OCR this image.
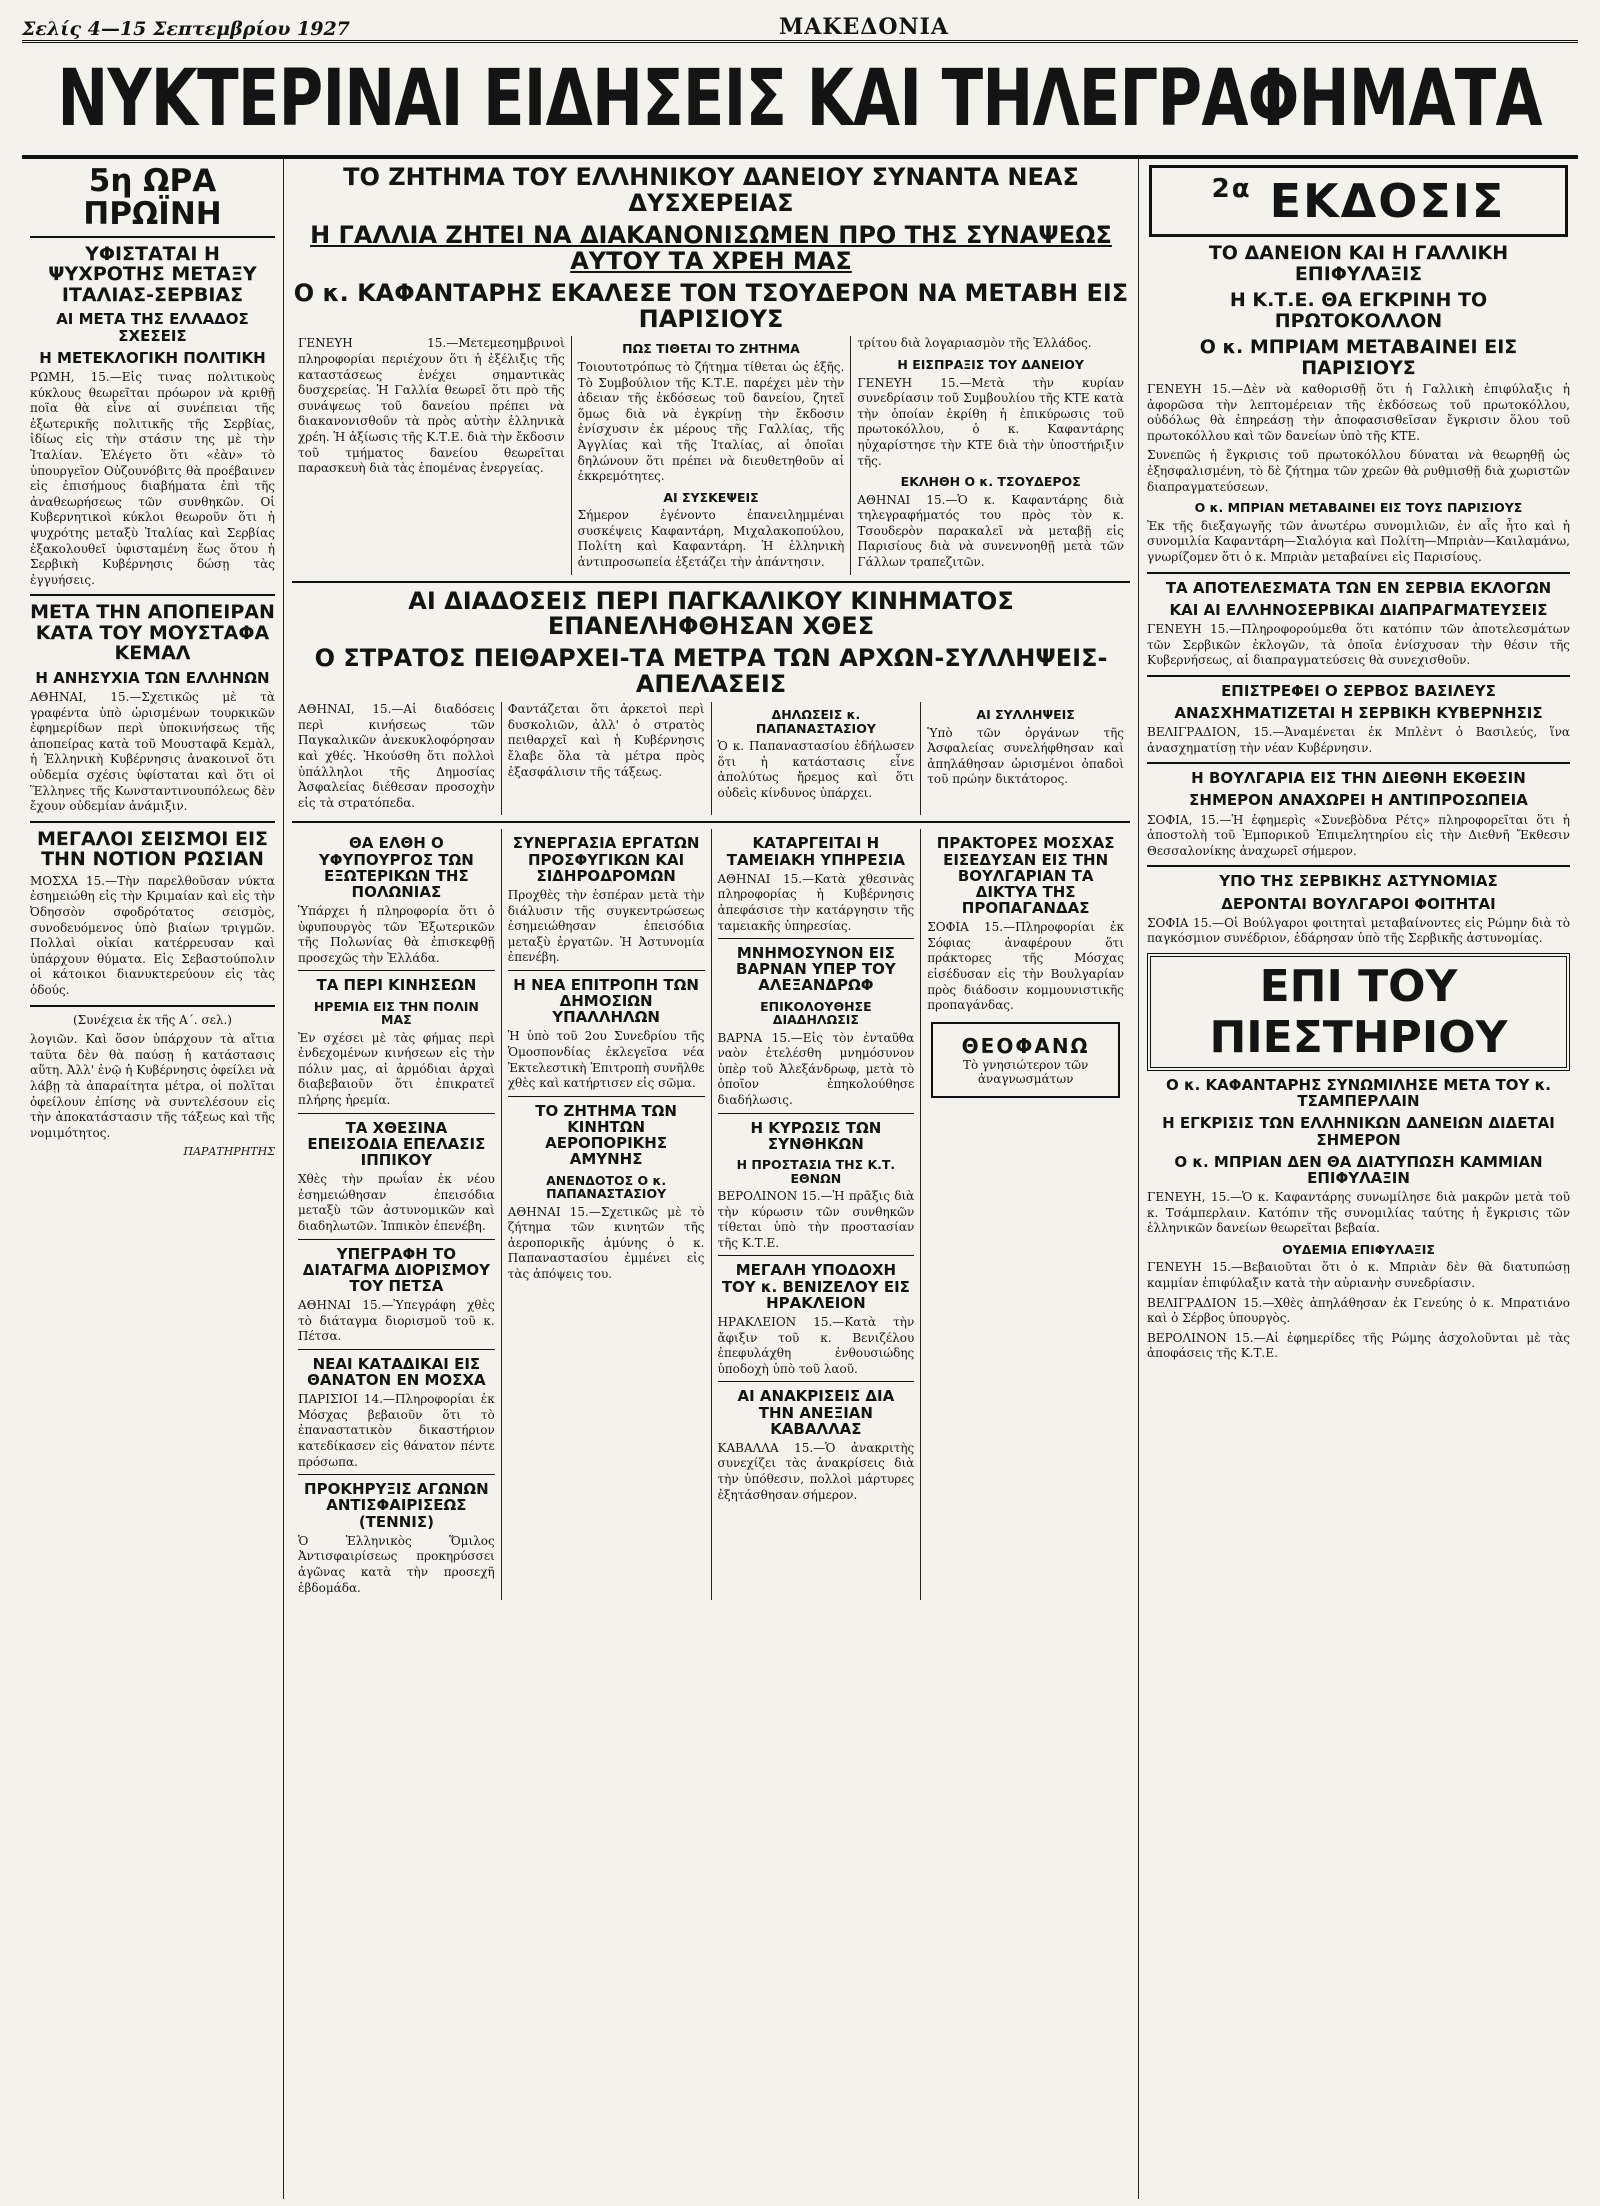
Σελίς 4—15 Σεπτεμβρίου 1927	ΜΑΚΕΔΟΝΙΑ
ΝΥΚΤΕΡΙΝΑΙ ΕΙΔΗΣΕΙΣ ΚΑΙ ΤΗΛΕΓΡΑΦΗΜΑΤΑ
5η ΩΡΑ ΠΡΩΪΝΗ
ΥΦΙΣΤΑΤΑΙ Η ΨΥΧΡΟΤΗΣ ΜΕΤΑΞΥ ΙΤΑΛΙΑΣ-ΣΕΡΒΙΑΣ
ΑΙ ΜΕΤΑ ΤΗΣ ΕΛΛΑΔΟΣ ΣΧΕΣΕΙΣ
Η ΜΕΤΕΚΛΟΓΙΚΗ ΠΟΛΙΤΙΚΗ

ΡΩΜΗ, 15.—Εἰς τινας πολιτικοὺς κύκλους θεωρεῖται πρόωρον νὰ κριθῇ ποῖα θὰ εἶνε αἱ συνέπειαι τῆς ἐξωτερικῆς πολιτικῆς τῆς Σερβίας, ἰδίως εἰς τὴν στάσιν της μὲ τὴν Ἰταλίαν. Ἐλέγετο ὅτι «ἐὰν» τὸ ὑπουργεῖον Οὐζουνόβιτς θὰ προέβαινεν εἰς ἐπισήμους διαβήματα ἐπὶ τῆς ἀναθεωρήσεως τῶν συνθηκῶν. Οἱ Κυβερνητικοὶ κύκλοι θεωροῦν ὅτι ἡ ψυχρότης μεταξὺ Ἰταλίας καὶ Σερβίας ἐξακολουθεῖ ὑφισταμένη ἕως ὅτου ἡ Σερβικὴ Κυβέρνησις δώσῃ τὰς ἐγγυήσεις.

ΜΕΤΑ ΤΗΝ ΑΠΟΠΕΙΡΑΝ ΚΑΤΑ ΤΟΥ ΜΟΥΣΤΑΦΑ ΚΕΜΑΛ
Η ΑΝΗΣΥΧΙΑ ΤΩΝ ΕΛΛΗΝΩΝ

ΑΘΗΝΑΙ, 15.—Σχετικῶς μὲ τὰ γραφέντα ὑπὸ ὡρισμένων τουρκικῶν ἐφημερίδων περὶ ὑποκινήσεως τῆς ἀποπείρας κατὰ τοῦ Μουσταφᾶ Κεμὰλ, ἡ Ἑλληνικὴ Κυβέρνησις ἀνακοινοῖ ὅτι οὐδεμία σχέσις ὑφίσταται καὶ ὅτι οἱ Ἕλληνες τῆς Κωνσταντινουπόλεως δὲν ἔχουν οὐδεμίαν ἀνάμιξιν.

ΜΕΓΑΛΟΙ ΣΕΙΣΜΟΙ ΕΙΣ ΤΗΝ ΝΟΤΙΟΝ ΡΩΣΙΑΝ

ΜΟΣΧΑ 15.—Τὴν παρελθοῦσαν νύκτα ἐσημειώθη εἰς τὴν Κριμαίαν καὶ εἰς τὴν Ὀδησσὸν σφοδρότατος σεισμὸς, συνοδευόμενος ὑπὸ βιαίων τριγμῶν. Πολλαὶ οἰκίαι κατέρρευσαν καὶ ὑπάρχουν θύματα. Εἰς Σεβαστούπολιν οἱ κάτοικοι διανυκτερεύουν εἰς τὰς ὁδούς.

(Συνέχεια ἐκ τῆς Α΄. σελ.)

λογιῶν. Καὶ ὅσον ὑπάρχουν τὰ αἴτια ταῦτα δὲν θὰ παύσῃ ἡ κατάστασις αὕτη. Ἀλλ' ἐνῷ ἡ Κυβέρνησις ὀφείλει νὰ λάβῃ τὰ ἀπαραίτητα μέτρα, οἱ πολῖται ὀφείλουν ἐπίσης νὰ συντελέσουν εἰς τὴν ἀποκατάστασιν τῆς τάξεως καὶ τῆς νομιμότητος.

ΠΑΡΑΤΗΡΗΤΗΣ

ΤΟ ΖΗΤΗΜΑ ΤΟΥ ΕΛΛΗΝΙΚΟΥ ΔΑΝΕΙΟΥ ΣΥΝΑΝΤΑ ΝΕΑΣ ΔΥΣΧΕΡΕΙΑΣ
Η ΓΑΛΛΙΑ ΖΗΤΕΙ ΝΑ ΔΙΑΚΑΝΟΝΙΣΩΜΕΝ ΠΡΟ ΤΗΣ ΣΥΝΑΨΕΩΣ ΑΥΤΟΥ ΤΑ ΧΡΕΗ ΜΑΣ
Ο κ. ΚΑΦΑΝΤΑΡΗΣ ΕΚΑΛΕΣΕ ΤΟΝ ΤΣΟΥΔΕΡΟΝ ΝΑ ΜΕΤΑΒΗ ΕΙΣ ΠΑΡΙΣΙΟΥΣ

ΓΕΝΕΥΗ 15.—Μετεμεσημβρινοὶ πληροφορίαι περιέχουν ὅτι ἡ ἐξέλιξις τῆς καταστάσεως ἐνέχει σημαντικὰς δυσχερείας. Ἡ Γαλλία θεωρεῖ ὅτι πρὸ τῆς συνάψεως τοῦ δανείου πρέπει νὰ διακανονισθοῦν τὰ πρὸς αὐτὴν ἑλληνικὰ χρέη. Ἡ ἀξίωσις τῆς Κ.Τ.Ε. διὰ τὴν ἔκδοσιν τοῦ τμήματος δανείου θεωρεῖται παρασκευὴ διὰ τὰς ἑπομένας ἐνεργείας.

ΠΩΣ ΤΙΘΕΤΑΙ ΤΟ ΖΗΤΗΜΑ

Τοιουτοτρόπως τὸ ζήτημα τίθεται ὡς ἑξῆς. Τὸ Συμβούλιον τῆς Κ.Τ.Ε. παρέχει μὲν τὴν ἀδειαν τῆς ἐκδόσεως τοῦ δανείου, ζητεῖ ὅμως διὰ νὰ ἐγκρίνῃ τὴν ἔκδοσιν ἐνίσχυσιν ἐκ μέρους τῆς Γαλλίας, τῆς Ἀγγλίας καὶ τῆς Ἰταλίας, αἱ ὁποῖαι δηλώνουν ὅτι πρέπει νὰ διευθετηθοῦν αἱ ἐκκρεμότητες.

ΑΙ ΣΥΣΚΕΨΕΙΣ

Σήμερον ἐγένοντο ἐπανειλημμέναι συσκέψεις Καφαντάρη, Μιχαλακοπούλου, Πολίτη καὶ Καφαντάρη. Ἡ ἑλληνικὴ ἀντιπροσωπεία ἐξετάζει τὴν ἀπάντησιν.

τρίτου διὰ λογαριασμὸν τῆς Ἑλλάδος.

Η ΕΙΣΠΡΑΞΙΣ ΤΟΥ ΔΑΝΕΙΟΥ

ΓΕΝΕΥΗ 15.—Μετὰ τὴν κυρίαν συνεδρίασιν τοῦ Συμβουλίου τῆς ΚΤΕ κατὰ τὴν ὁποίαν ἐκρίθη ἡ ἐπικύρωσις τοῦ πρωτοκόλλου, ὁ κ. Καφαντάρης ηὐχαρίστησε τὴν ΚΤΕ διὰ τὴν ὑποστήριξιν τῆς.

ΕΚΛΗΘΗ Ο κ. ΤΣΟΥΔΕΡΟΣ

ΑΘΗΝΑΙ 15.—Ὁ κ. Καφαντάρης διὰ τηλεγραφήματός του πρὸς τὸν κ. Τσουδερὸν παρακαλεῖ νὰ μεταβῇ εἰς Παρισίους διὰ νὰ συνεννοηθῇ μετὰ τῶν Γάλλων τραπεζιτῶν.

ΑΙ ΔΙΑΔΟΣΕΙΣ ΠΕΡΙ ΠΑΓΚΑΛΙΚΟΥ ΚΙΝΗΜΑΤΟΣ ΕΠΑΝΕΛΗΦΘΗΣΑΝ ΧΘΕΣ
Ο ΣΤΡΑΤΟΣ ΠΕΙΘΑΡΧΕΙ-ΤΑ ΜΕΤΡΑ ΤΩΝ ΑΡΧΩΝ-ΣΥΛΛΗΨΕΙΣ-ΑΠΕΛΑΣΕΙΣ

ΑΘΗΝΑΙ, 15.—Αἱ διαδόσεις περὶ κινήσεως τῶν Παγκαλικῶν ἀνεκυκλοφόρησαν καὶ χθές. Ἠκούσθη ὅτι πολλοὶ ὑπάλληλοι τῆς Δημοσίας Ἀσφαλείας διέθεσαν προσοχὴν εἰς τὰ στρατόπεδα.

Φαντάζεται ὅτι ἀρκετοὶ περὶ δυσκολιῶν, ἀλλ' ὁ στρατὸς πειθαρχεῖ καὶ ἡ Κυβέρνησις ἔλαβε ὅλα τὰ μέτρα πρὸς ἐξασφάλισιν τῆς τάξεως.

ΔΗΛΩΣΕΙΣ κ. ΠΑΠΑΝΑΣΤΑΣΙΟΥ

Ὁ κ. Παπαναστασίου ἐδήλωσεν ὅτι ἡ κατάστασις εἶνε ἀπολύτως ἤρεμος καὶ ὅτι οὐδεὶς κίνδυνος ὑπάρχει.

ΑΙ ΣΥΛΛΗΨΕΙΣ

Ὑπὸ τῶν ὀργάνων τῆς Ἀσφαλείας συνελήφθησαν καὶ ἀπηλάθησαν ὡρισμένοι ὀπαδοὶ τοῦ πρώην δικτάτορος.

ΘΑ ΕΛΘΗ Ο ΥΦΥΠΟΥΡΓΟΣ ΤΩΝ ΕΞΩΤΕΡΙΚΩΝ ΤΗΣ ΠΟΛΩΝΙΑΣ

Ὑπάρχει ἡ πληροφορία ὅτι ὁ ὑφυπουργὸς τῶν Ἐξωτερικῶν τῆς Πολωνίας θὰ ἐπισκεφθῇ προσεχῶς τὴν Ἑλλάδα.

ΤΑ ΠΕΡΙ ΚΙΝΗΣΕΩΝ
ΗΡΕΜΙΑ ΕΙΣ ΤΗΝ ΠΟΛΙΝ ΜΑΣ

Ἐν σχέσει μὲ τὰς φήμας περὶ ἐνδεχομένων κινήσεων εἰς τὴν πόλιν μας, αἱ ἀρμόδιαι ἀρχαὶ διαβεβαιοῦν ὅτι ἐπικρατεῖ πλήρης ἠρεμία.

ΤΑ ΧΘΕΣΙΝΑ ΕΠΕΙΣΟΔΙΑ ΕΠΕΛΑΣΙΣ ΙΠΠΙΚΟΥ

Χθὲς τὴν πρωΐαν ἐκ νέου ἐσημειώθησαν ἐπεισόδια μεταξὺ τῶν ἀστυνομικῶν καὶ διαδηλωτῶν. Ἱππικὸν ἐπενέβη.

ΥΠΕΓΡΑΦΗ ΤΟ ΔΙΑΤΑΓΜΑ ΔΙΟΡΙΣΜΟΥ ΤΟΥ ΠΕΤΣΑ

ΑΘΗΝΑΙ 15.—Ὑπεγράφη χθὲς τὸ διάταγμα διορισμοῦ τοῦ κ. Πέτσα.

ΝΕΑΙ ΚΑΤΑΔΙΚΑΙ ΕΙΣ ΘΑΝΑΤΟΝ ΕΝ ΜΟΣΧΑ

ΠΑΡΙΣΙΟΙ 14.—Πληροφορίαι ἐκ Μόσχας βεβαιοῦν ὅτι τὸ ἐπαναστατικὸν δικαστήριον κατεδίκασεν εἰς θάνατον πέντε πρόσωπα.

ΠΡΟΚΗΡΥΞΙΣ ΑΓΩΝΩΝ ΑΝΤΙΣΦΑΙΡΙΣΕΩΣ (ΤΕΝΝΙΣ)

Ὁ Ἑλληνικὸς Ὅμιλος Ἀντισφαιρίσεως προκηρύσσει ἀγῶνας κατὰ τὴν προσεχῆ ἑβδομάδα.

ΣΥΝΕΡΓΑΣΙΑ ΕΡΓΑΤΩΝ ΠΡΟΣΦΥΓΙΚΩΝ ΚΑΙ ΣΙΔΗΡΟΔΡΟΜΩΝ

Προχθὲς τὴν ἑσπέραν μετὰ τὴν διάλυσιν τῆς συγκεντρώσεως ἐσημειώθησαν ἐπεισόδια μεταξὺ ἐργατῶν. Ἡ Ἀστυνομία ἐπενέβη.

Η ΝΕΑ ΕΠΙΤΡΟΠΗ ΤΩΝ ΔΗΜΟΣΙΩΝ ΥΠΑΛΛΗΛΩΝ

Ἡ ὑπὸ τοῦ 2ου Συνεδρίου τῆς Ὁμοσπονδίας ἐκλεγεῖσα νέα Ἐκτελεστικὴ Ἐπιτροπὴ συνῆλθε χθὲς καὶ κατήρτισεν εἰς σῶμα.

ΤΟ ΖΗΤΗΜΑ ΤΩΝ ΚΙΝΗΤΩΝ ΑΕΡΟΠΟΡΙΚΗΣ ΑΜΥΝΗΣ
ΑΝΕΝΔΟΤΟΣ Ο κ. ΠΑΠΑΝΑΣΤΑΣΙΟΥ

ΑΘΗΝΑΙ 15.—Σχετικῶς μὲ τὸ ζήτημα τῶν κινητῶν τῆς ἀεροπορικῆς ἀμύνης ὁ κ. Παπαναστασίου ἐμμένει εἰς τὰς ἀπόψεις του.

ΚΑΤΑΡΓΕΙΤΑΙ Η ΤΑΜΕΙΑΚΗ ΥΠΗΡΕΣΙΑ

ΑΘΗΝΑΙ 15.—Κατὰ χθεσινὰς πληροφορίας ἡ Κυβέρνησις ἀπεφάσισε τὴν κατάργησιν τῆς ταμειακῆς ὑπηρεσίας.

ΜΝΗΜΟΣΥΝΟΝ ΕΙΣ ΒΑΡΝΑΝ ΥΠΕΡ ΤΟΥ ΑΛΕΞΑΝΔΡΩΦ
ΕΠΙΚΟΛΟΥΘΗΣΕ ΔΙΑΔΗΛΩΣΙΣ

ΒΑΡΝΑ 15.—Εἰς τὸν ἐνταῦθα ναὸν ἐτελέσθη μνημόσυνον ὑπὲρ τοῦ Ἀλεξάνδρωφ, μετὰ τὸ ὁποῖον ἐπηκολούθησε διαδήλωσις.

Η ΚΥΡΩΣΙΣ ΤΩΝ ΣΥΝΘΗΚΩΝ
Η ΠΡΟΣΤΑΣΙΑ ΤΗΣ Κ.Τ. ΕΘΝΩΝ

ΒΕΡΟΛΙΝΟΝ 15.—Ἡ πρᾶξις διὰ τὴν κύρωσιν τῶν συνθηκῶν τίθεται ὑπὸ τὴν προστασίαν τῆς Κ.Τ.Ε.

ΜΕΓΑΛΗ ΥΠΟΔΟΧΗ ΤΟΥ κ. ΒΕΝΙΖΕΛΟΥ ΕΙΣ ΗΡΑΚΛΕΙΟΝ

ΗΡΑΚΛΕΙΟΝ 15.—Κατὰ τὴν ἄφιξιν τοῦ κ. Βενιζέλου ἐπεφυλάχθη ἐνθουσιώδης ὑποδοχὴ ὑπὸ τοῦ λαοῦ.

ΑΙ ΑΝΑΚΡΙΣΕΙΣ ΔΙΑ ΤΗΝ ΑΝΕΞΙΑΝ ΚΑΒΑΛΛΑΣ

ΚΑΒΑΛΛΑ 15.—Ὁ ἀνακριτὴς συνεχίζει τὰς ἀνακρίσεις διὰ τὴν ὑπόθεσιν, πολλοὶ μάρτυρες ἐξητάσθησαν σήμερον.

ΠΡΑΚΤΟΡΕΣ ΜΟΣΧΑΣ ΕΙΣΕΔΥΣΑΝ ΕΙΣ ΤΗΝ ΒΟΥΛΓΑΡΙΑΝ ΤΑ ΔΙΚΤΥΑ ΤΗΣ ΠΡΟΠΑΓΑΝΔΑΣ

ΣΟΦΙΑ 15.—Πληροφορίαι ἐκ Σόφιας ἀναφέρουν ὅτι πράκτορες τῆς Μόσχας εἰσέδυσαν εἰς τὴν Βουλγαρίαν πρὸς διάδοσιν κομμουνιστικῆς προπαγάνδας.

ΘΕΟΦΑΝΩ
Τὸ γνησιώτερον τῶν ἀναγνωσμάτων
$^{2\alpha}$ ΕΚΔΟΣΙΣ
ΤΟ ΔΑΝΕΙΟΝ ΚΑΙ Η ΓΑΛΛΙΚΗ ΕΠΙΦΥΛΑΞΙΣ
Η Κ.Τ.Ε. ΘΑ ΕΓΚΡΙΝΗ ΤΟ ΠΡΩΤΟΚΟΛΛΟΝ
Ο κ. ΜΠΡΙΑΜ ΜΕΤΑΒΑΙΝΕΙ ΕΙΣ ΠΑΡΙΣΙΟΥΣ

ΓΕΝΕΥΗ 15.—Δὲν νὰ καθορισθῇ ὅτι ἡ Γαλλικὴ ἐπιφύλαξις ἡ ἀφορῶσα τὴν λεπτομέρειαν τῆς ἐκδόσεως τοῦ πρωτοκόλλου, οὐδόλως θὰ ἐπηρεάσῃ τὴν ἀποφασισθεῖσαν ἔγκρισιν ὅλου τοῦ πρωτοκόλλου καὶ τῶν δανείων ὑπὸ τῆς ΚΤΕ.

Συνεπῶς ἡ ἔγκρισις τοῦ πρωτοκόλλου δύναται νὰ θεωρηθῇ ὡς ἐξησφαλισμένη, τὸ δὲ ζήτημα τῶν χρεῶν θὰ ρυθμισθῇ διὰ χωριστῶν διαπραγματεύσεων.

Ο κ. ΜΠΡΙΑΝ ΜΕΤΑΒΑΙΝΕΙ ΕΙΣ ΤΟΥΣ ΠΑΡΙΣΙΟΥΣ

Ἐκ τῆς διεξαγωγῆς τῶν ἀνωτέρω συνομιλιῶν, ἐν αἷς ἦτο καὶ ἡ συνομιλία Καφαντάρη—Σιαλόγια καὶ Πολίτη—Μπριὰν—Καιλαμάνω, γνωρίζομεν ὅτι ὁ κ. Μπριὰν μεταβαίνει εἰς Παρισίους.

ΤΑ ΑΠΟΤΕΛΕΣΜΑΤΑ ΤΩΝ ΕΝ ΣΕΡΒΙΑ ΕΚΛΟΓΩΝ
ΚΑΙ ΑΙ ΕΛΛΗΝΟΣΕΡΒΙΚΑΙ ΔΙΑΠΡΑΓΜΑΤΕΥΣΕΙΣ

ΓΕΝΕΥΗ 15.—Πληροφορούμεθα ὅτι κατόπιν τῶν ἀποτελεσμάτων τῶν Σερβικῶν ἐκλογῶν, τὰ ὁποῖα ἐνίσχυσαν τὴν θέσιν τῆς Κυβερνήσεως, αἱ διαπραγματεύσεις θὰ συνεχισθοῦν.

ΕΠΙΣΤΡΕΦΕΙ Ο ΣΕΡΒΟΣ ΒΑΣΙΛΕΥΣ
ΑΝΑΣΧΗΜΑΤΙΖΕΤΑΙ Η ΣΕΡΒΙΚΗ ΚΥΒΕΡΝΗΣΙΣ

ΒΕΛΙΓΡΑΔΙΟΝ, 15.—Ἀναμένεται ἐκ Μπλὲντ ὁ Βασιλεύς, ἵνα ἀνασχηματίσῃ τὴν νέαν Κυβέρνησιν.

Η ΒΟΥΛΓΑΡΙΑ ΕΙΣ ΤΗΝ ΔΙΕΘΝΗ ΕΚΘΕΣΙΝ
ΣΗΜΕΡΟΝ ΑΝΑΧΩΡΕΙ Η ΑΝΤΙΠΡΟΣΩΠΕΙΑ

ΣΟΦΙΑ, 15.—Ἡ ἐφημερὶς «Συνεβὸδνα Ρέτς» πληροφορεῖται ὅτι ἡ ἀποστολὴ τοῦ Ἐμπορικοῦ Ἐπιμελητηρίου εἰς τὴν Διεθνῆ Ἔκθεσιν Θεσσαλονίκης ἀναχωρεῖ σήμερον.

ΥΠΟ ΤΗΣ ΣΕΡΒΙΚΗΣ ΑΣΤΥΝΟΜΙΑΣ
ΔΕΡΟΝΤΑΙ ΒΟΥΛΓΑΡΟΙ ΦΟΙΤΗΤΑΙ

ΣΟΦΙΑ 15.—Οἱ Βούλγαροι φοιτηταὶ μεταβαίνοντες εἰς Ρώμην διὰ τὸ παγκόσμιον συνέδριον, ἐδάρησαν ὑπὸ τῆς Σερβικῆς ἀστυνομίας.

ΕΠΙ ΤΟΥ ΠΙΕΣΤΗΡΙΟΥ
Ο κ. ΚΑΦΑΝΤΑΡΗΣ ΣΥΝΩΜΙΛΗΣΕ ΜΕΤΑ ΤΟΥ κ. ΤΣΑΜΠΕΡΛΑΙΝ
Η ΕΓΚΡΙΣΙΣ ΤΩΝ ΕΛΛΗΝΙΚΩΝ ΔΑΝΕΙΩΝ ΔΙΔΕΤΑΙ ΣΗΜΕΡΟΝ
Ο κ. ΜΠΡΙΑΝ ΔΕΝ ΘΑ ΔΙΑΤΥΠΩΣΗ ΚΑΜΜΙΑΝ ΕΠΙΦΥΛΑΞΙΝ

ΓΕΝΕΥΗ, 15.—Ὁ κ. Καφαντάρης συνωμίλησε διὰ μακρῶν μετὰ τοῦ κ. Τσάμπερλαιν. Κατόπιν τῆς συνομιλίας ταύτης ἡ ἔγκρισις τῶν ἑλληνικῶν δανείων θεωρεῖται βεβαία.

ΟΥΔΕΜΙΑ ΕΠΙΦΥΛΑΞΙΣ

ΓΕΝΕΥΗ 15.—Βεβαιοῦται ὅτι ὁ κ. Μπριὰν δὲν θὰ διατυπώσῃ καμμίαν ἐπιφύλαξιν κατὰ τὴν αὐριανὴν συνεδρίασιν.

ΒΕΛΙΓΡΑΔΙΟΝ 15.—Χθὲς ἀπηλάθησαν ἐκ Γενεύης ὁ κ. Μπρατιάνο καὶ ὁ Σέρβος ὑπουργὸς.

ΒΕΡΟΛΙΝΟΝ 15.—Αἱ ἐφημερίδες τῆς Ρώμης ἀσχολοῦνται μὲ τὰς ἀποφάσεις τῆς Κ.Τ.Ε.
